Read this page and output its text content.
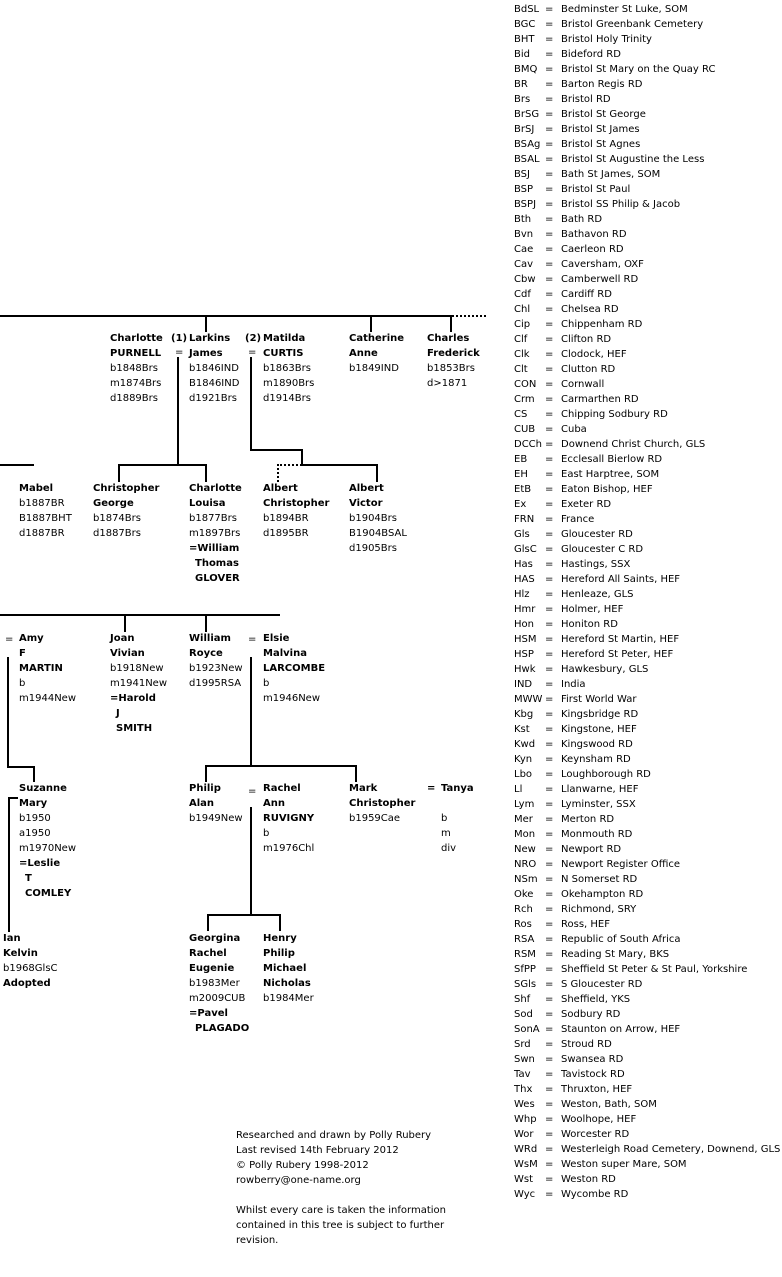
=	=
=	=
=
Charlotte
PURNELL
b1848Brs
m1874Brs
d1889Brs
(1) Larkins
James
b1846IND
B1846IND
d1921Brs
(2) Matilda
CURTIS
b1863Brs
m1890Brs
d1914Brs
Catherine
Anne
b1849IND
Charles
Frederick
b1853Brs
d>1871
Mabel
b1887BR
B1887BHT
d1887BR
Christopher
George
b1874Brs
d1887Brs
Charlotte
Louisa
b1877Brs
m1897Brs
=William
Thomas
GLOVER
Albert
Christopher
b1894BR
d1895BR
Albert
Victor
b1904Brs
B1904BSAL
d1905Brs
Amy
F
MARTIN
b
m1944New
Joan
Vivian
b1918New
m1941New
=Harold
J
SMITH
William
Royce
b1923New
d1995RSA
Elsie
Malvina
LARCOMBE
b
m1946New
Suzanne
Mary
b1950
a1950
m1970New
=Leslie
T
COMLEY
Philip
Alan
b1949New
Rachel
Ann
RUVIGNY
b
m1976Chl
Mark
Christopher
b1959Cae
= Tanya
b
m
div
Ian
Kelvin
b1968GlsC
Adopted
Georgina
Rachel
Eugenie
b1983Mer
m2009CUB
=Pavel
PLAGADO
Henry
Philip
Michael
Nicholas
b1984Mer
Researched and drawn by Polly Rubery
Last revised 14th February 2012
© Polly Rubery 1998-2012
rowberry@one-name.org
Whilst every care is taken the information
contained in this tree is subject to further
revision.
BdSL = Bedminster St Luke, SOM
BGC = Bristol Greenbank Cemetery
BHT = Bristol Holy Trinity
Bid = Bideford RD
BMQ = Bristol St Mary on the Quay RC
BR = Barton Regis RD
Brs = Bristol RD
BrSG = Bristol St George
BrSJ = Bristol St James
BSAg = Bristol St Agnes
BSAL = Bristol St Augustine the Less
BSJ = Bath St James, SOM
BSP = Bristol St Paul
BSPJ = Bristol SS Philip & Jacob
Bth = Bath RD
Bvn = Bathavon RD
Cae = Caerleon RD
Cav = Caversham, OXF
Cbw = Camberwell RD
Cdf = Cardiff RD
Chl = Chelsea RD
Cip = Chippenham RD
Clf = Clifton RD
Clk = Clodock, HEF
Clt = Clutton RD
CON = Cornwall
Crm = Carmarthen RD
CS = Chipping Sodbury RD
CUB = Cuba
DCCh = Downend Christ Church, GLS
EB = Ecclesall Bierlow RD
EH = East Harptree, SOM
EtB = Eaton Bishop, HEF
Ex = Exeter RD
FRN = France
Gls = Gloucester RD
GlsC = Gloucester C RD
Has = Hastings, SSX
HAS = Hereford All Saints, HEF
Hlz = Henleaze, GLS
Hmr = Holmer, HEF
Hon = Honiton RD
HSM = Hereford St Martin, HEF
HSP = Hereford St Peter, HEF
Hwk = Hawkesbury, GLS
IND = India
MWW = First World War
Kbg = Kingsbridge RD
Kst = Kingstone, HEF
Kwd = Kingswood RD
Kyn = Keynsham RD
Lbo = Loughborough RD
Ll = Llanwarne, HEF
Lym = Lyminster, SSX
Mer = Merton RD
Mon = Monmouth RD
New = Newport RD
NRO = Newport Register Office
NSm = N Somerset RD
Oke = Okehampton RD
Rch = Richmond, SRY
Ros = Ross, HEF
RSA = Republic of South Africa
RSM = Reading St Mary, BKS
SfPP = Sheffield St Peter & St Paul, Yorkshire
SGls = S Gloucester RD
Shf = Sheffield, YKS
Sod = Sodbury RD
SonA = Staunton on Arrow, HEF
Srd = Stroud RD
Swn = Swansea RD
Tav = Tavistock RD
Thx = Thruxton, HEF
Wes = Weston, Bath, SOM
Whp = Woolhope, HEF
Wor = Worcester RD
WRd = Westerleigh Road Cemetery, Downend, GLS
WsM = Weston super Mare, SOM
Wst = Weston RD
Wyc = Wycombe RD
